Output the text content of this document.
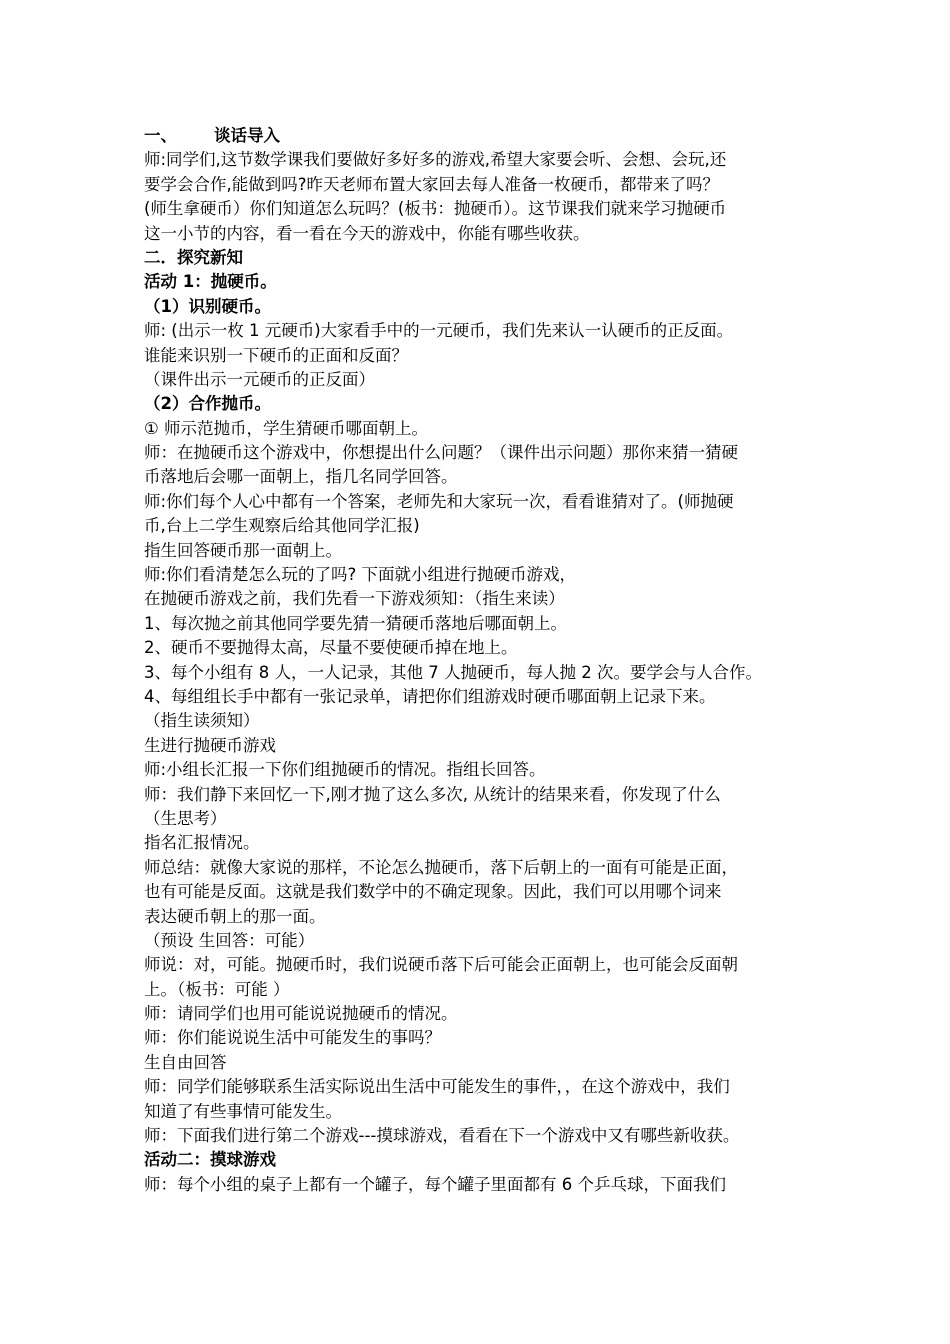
一、 谈话导入
师:同学们,这节数学课我们要做好多好多的游戏,希望大家要会听、会想、会玩,还
要学会合作,能做到吗?昨天老师布置大家回去每人准备一枚硬币，都带来了吗？
(师生拿硬币）你们知道怎么玩吗？(板书：抛硬币）。这节课我们就来学习抛硬币
这一小节的内容，看一看在今天的游戏中，你能有哪些收获。
二．探究新知
活动 1：抛硬币。
（1）识别硬币。
师: (出示一枚 1 元硬币)大家看手中的一元硬币，我们先来认一认硬币的正反面。
谁能来识别一下硬币的正面和反面？
（课件出示一元硬币的正反面）
（2）合作抛币。
① 师示范抛币，学生猜硬币哪面朝上。
师：在抛硬币这个游戏中，你想提出什么问题？（课件出示问题）那你来猜一猜硬
币落地后会哪一面朝上，指几名同学回答。
师:你们每个人心中都有一个答案，老师先和大家玩一次，看看谁猜对了。(师抛硬
币,台上二学生观察后给其他同学汇报)
指生回答硬币那一面朝上。
师:你们看清楚怎么玩的了吗? 下面就小组进行抛硬币游戏，
在抛硬币游戏之前，我们先看一下游戏须知：（指生来读）
1、每次抛之前其他同学要先猜一猜硬币落地后哪面朝上。
2、硬币不要抛得太高，尽量不要使硬币掉在地上。
3、每个小组有 8 人，一人记录，其他 7 人抛硬币，每人抛 2 次。要学会与人合作。
4、每组组长手中都有一张记录单，请把你们组游戏时硬币哪面朝上记录下来。
（指生读须知）
生进行抛硬币游戏
师:小组长汇报一下你们组抛硬币的情况。指组长回答。
师：我们静下来回忆一下,刚才抛了这么多次, 从统计的结果来看，你发现了什么
（生思考）
指名汇报情况。
师总结：就像大家说的那样，不论怎么抛硬币，落下后朝上的一面有可能是正面，
也有可能是反面。这就是我们数学中的不确定现象。因此，我们可以用哪个词来
表达硬币朝上的那一面。
（预设 生回答：可能）
师说：对，可能。抛硬币时，我们说硬币落下后可能会正面朝上，也可能会反面朝
上。（板书：可能 ）
师：请同学们也用可能说说抛硬币的情况。
师：你们能说说生活中可能发生的事吗？
生自由回答
师：同学们能够联系生活实际说出生活中可能发生的事件，，在这个游戏中，我们
知道了有些事情可能发生。
师：下面我们进行第二个游戏---摸球游戏，看看在下一个游戏中又有哪些新收获。
活动二：摸球游戏
师：每个小组的桌子上都有一个罐子，每个罐子里面都有 6 个乒乓球，下面我们
